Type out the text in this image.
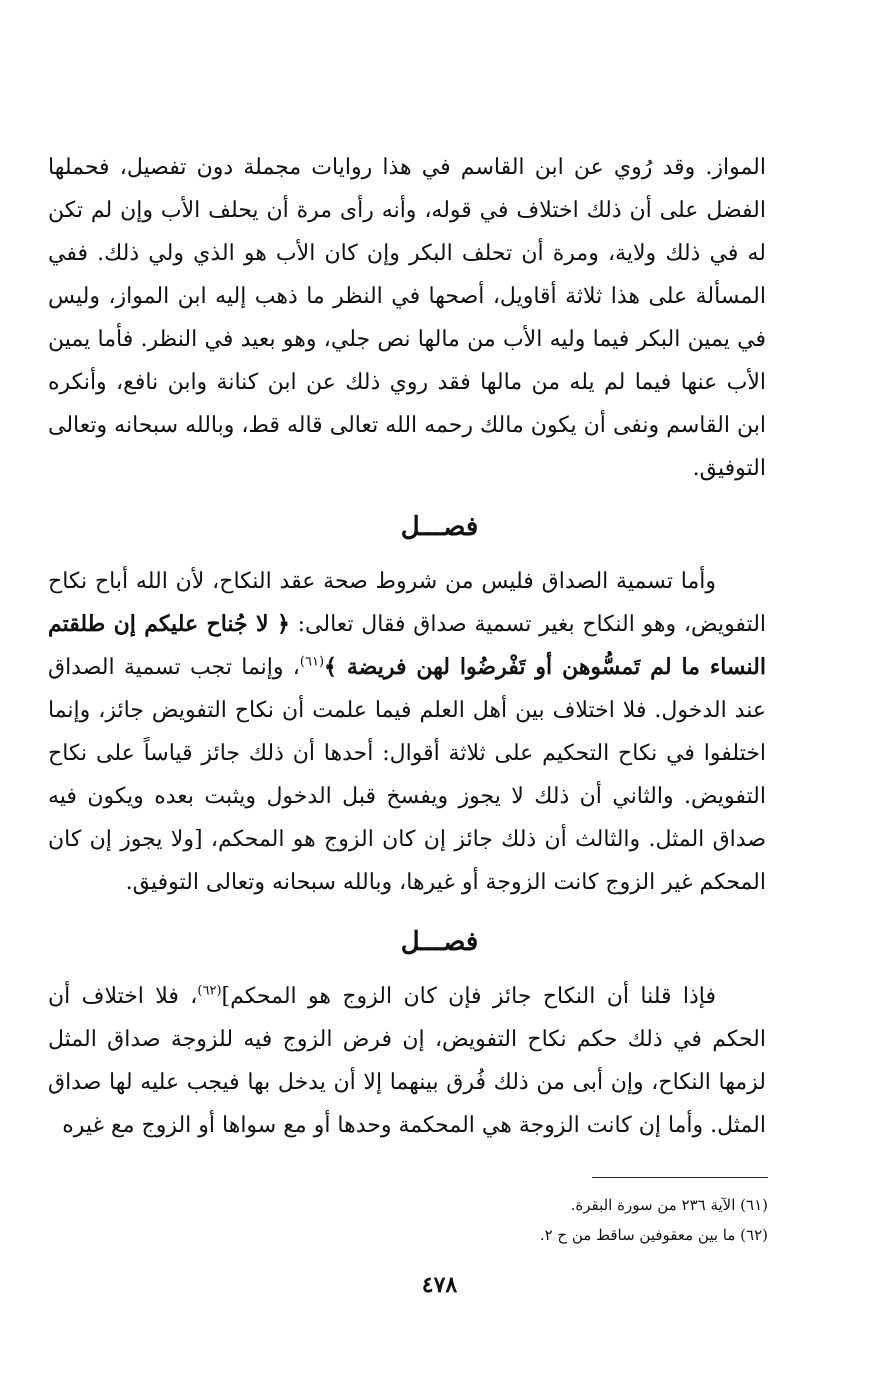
المواز. وقد رُوي عن ابن القاسم في هذا روايات مجملة دون تفصيل، فحملها الفضل على أن ذلك اختلاف في قوله، وأنه رأى مرة أن يحلف الأب وإن لم تكن له في ذلك ولاية، ومرة أن تحلف البكر وإن كان الأب هو الذي ولي ذلك. ففي المسألة على هذا ثلاثة أقاويل، أصحها في النظر ما ذهب إليه ابن المواز، وليس في يمين البكر فيما وليه الأب من مالها نص جلي، وهو بعيد في النظر. فأما يمين الأب عنها فيما لم يله من مالها فقد روي ذلك عن ابن كنانة وابن نافع، وأنكره ابن القاسم ونفى أن يكون مالك رحمه الله تعالى قاله قط، وبالله سبحانه وتعالى التوفيق.

فصـــل

وأما تسمية الصداق فليس من شروط صحة عقد النكاح، لأن الله أباح نكاح التفويض، وهو النكاح بغير تسمية صداق فقال تعالى: ﴿ لا جُناح عليكم إن طلقتم النساء ما لم تَمسُّوهن أو تَفْرضُوا لهن فريضة ﴾$^{(٦١)}$، وإنما تجب تسمية الصداق عند الدخول. فلا اختلاف بين أهل العلم فيما علمت أن نكاح التفويض جائز، وإنما اختلفوا في نكاح التحكيم على ثلاثة أقوال: أحدها أن ذلك جائز قياساً على نكاح التفويض. والثاني أن ذلك لا يجوز ويفسخ قبل الدخول ويثبت بعده ويكون فيه صداق المثل. والثالث أن ذلك جائز إن كان الزوج هو المحكم، [ولا يجوز إن كان المحكم غير الزوج كانت الزوجة أو غيرها، وبالله سبحانه وتعالى التوفيق.

فصـــل

فإذا قلنا أن النكاح جائز فإن كان الزوج هو المحكم]$^{(٦٢)}$، فلا اختلاف أن الحكم في ذلك حكم نكاح التفويض، إن فرض الزوج فيه للزوجة صداق المثل لزمها النكاح، وإن أبى من ذلك فُرق بينهما إلا أن يدخل بها فيجب عليه لها صداق المثل. وأما إن كانت الزوجة هي المحكمة وحدها أو مع سواها أو الزوج مع غيره

(٦١) الآية ٢٣٦ من سورة البقرة.

(٦٢) ما بين معقوفين ساقط من ح ٢.

٤٧٨
